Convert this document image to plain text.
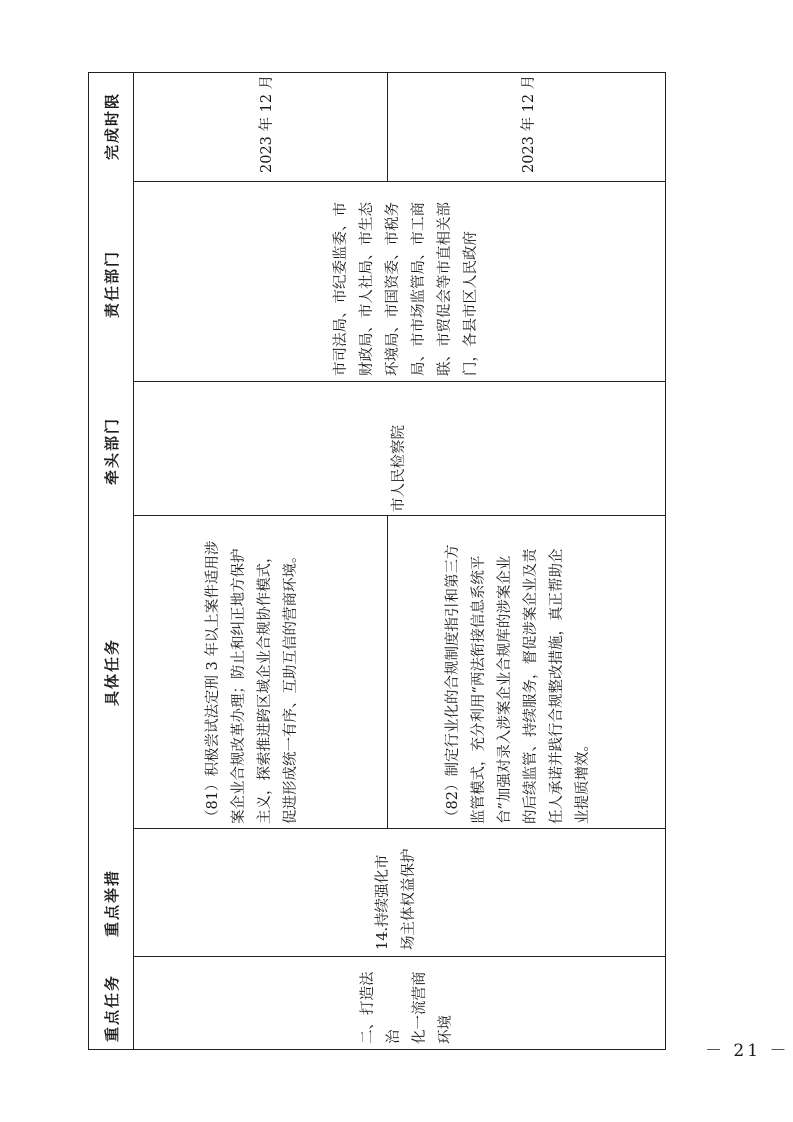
重点任务
重点举措
具体任务
牵头部门
责任部门
完成时限
二、打造法治 化一流营商 环境
14.持续强化市 场主体权益保护
（81）积极尝试法定刑 3 年以上案件适用涉 案企业合规改革办理；防止和纠正地方保护 主义，探索推进跨区域企业合规协作模式， 促进形成统一有序、互助互信的营商环境。	（82）制定行业化的合规制度指引和第三方 监管模式，充分利用“两法衔接信息系统平 台”加强对录入涉案企业合规库的涉案企业 的后续监管、持续服务，督促涉案企业及责 任人承诺并践行合规整改措施，真正帮助企 业提质增效。
市人民检察院
市司法局、市纪委监委、市 财政局、市人社局、市生态 环境局、市国资委、市税务 局、市市场监管局、市工商 联、市贸促会等市直相关部 门，各县市区人民政府
2023 年 12 月	2023 年 12 月
－ 21 －
